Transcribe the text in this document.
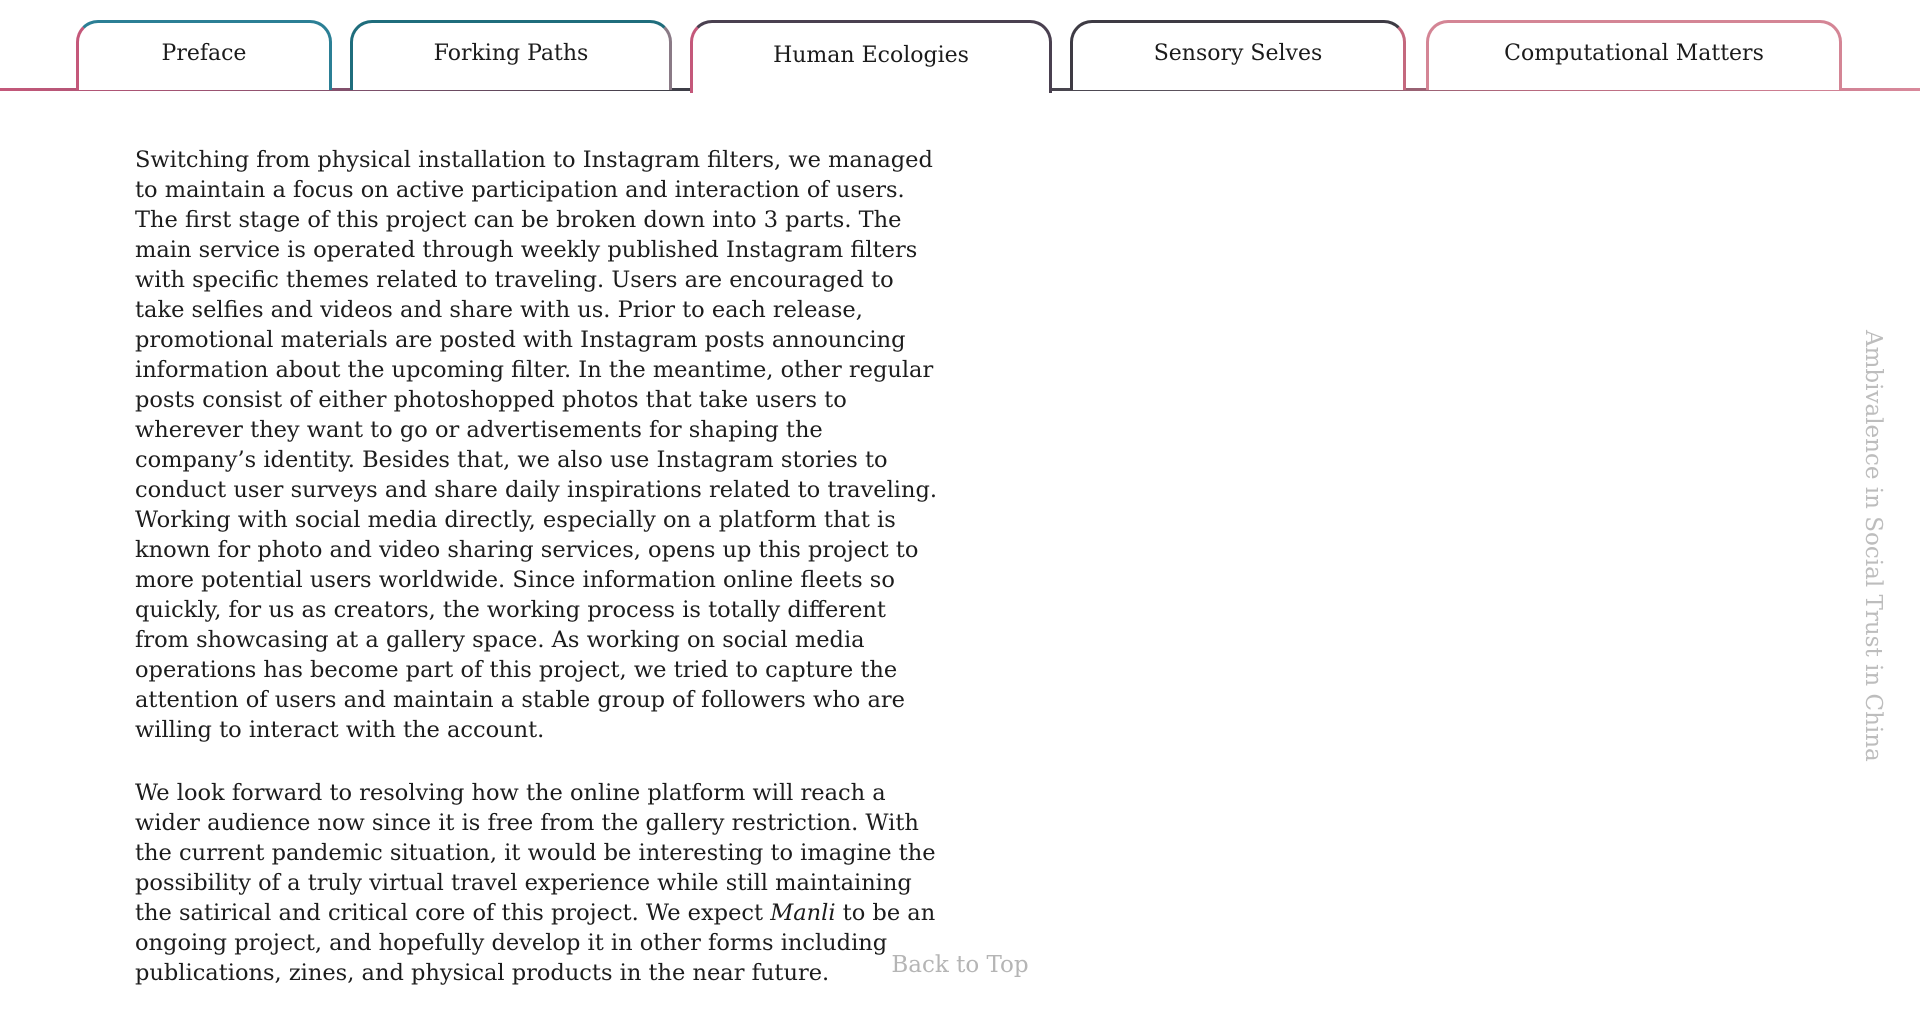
Preface	Forking Paths	Human Ecologies	Sensory Selves	Computational Matters

Switching from physical installation to Instagram filters, we managed to maintain a focus on active participation and interaction of users. The first stage of this project can be broken down into 3 parts. The main service is operated through weekly published Instagram filters with specific themes related to traveling. Users are encouraged to take selfies and videos and share with us. Prior to each release, promotional materials are posted with Instagram posts announcing information about the upcoming filter. In the meantime, other regular posts consist of either photoshopped photos that take users to wherever they want to go or advertisements for shaping the company’s identity. Besides that, we also use Instagram stories to conduct user surveys and share daily inspirations related to traveling. Working with social media directly, especially on a platform that is known for photo and video sharing services, opens up this project to more potential users worldwide. Since information online fleets so quickly, for us as creators, the working process is totally different from showcasing at a gallery space. As working on social media operations has become part of this project, we tried to capture the attention of users and maintain a stable group of followers who are willing to interact with the account.

We look forward to resolving how the online platform will reach a wider audience now since it is free from the gallery restriction. With the current pandemic situation, it would be interesting to imagine the possibility of a truly virtual travel experience while still maintaining the satirical and critical core of this project. We expect Manli to be an ongoing project, and hopefully develop it in other forms including publications, zines, and physical products in the near future.	Back to Top
Ambivalence in Social Trust in China
